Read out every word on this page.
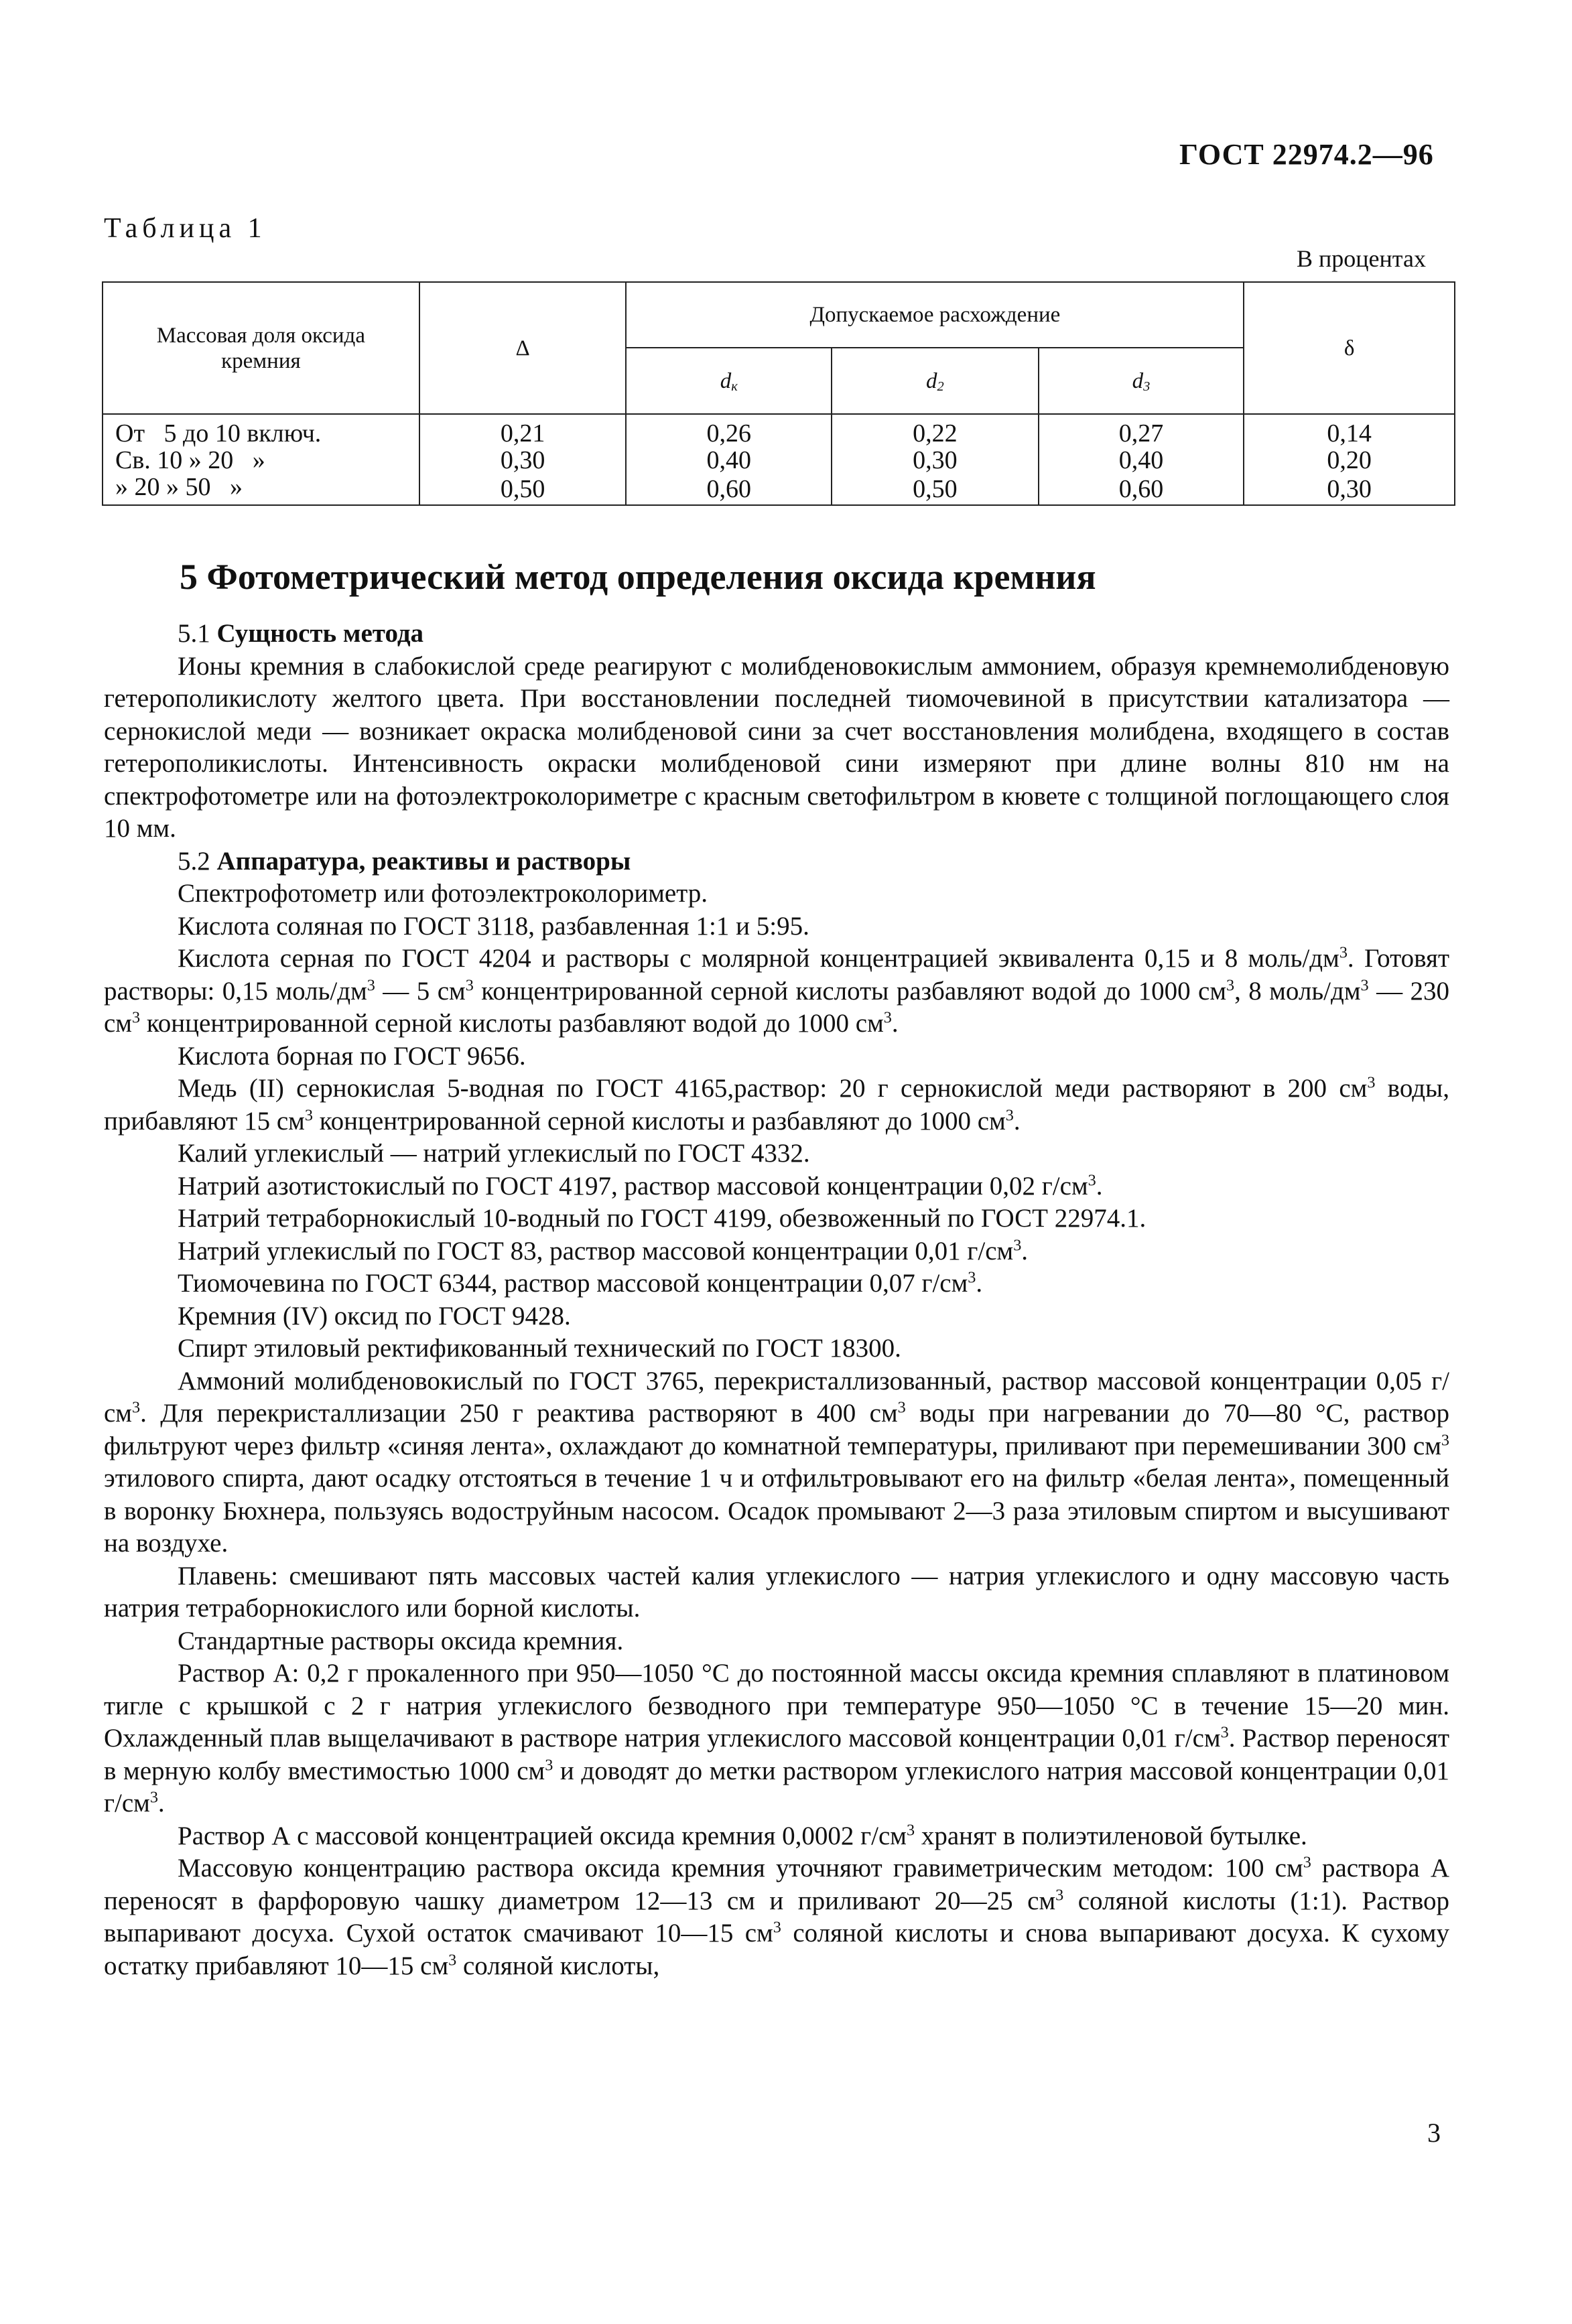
ГОСТ 22974.2—96
Таблица 1
В процентах
Массовая доля оксида кремния	Δ	Допускаемое расхождение			δ
		$d_к$	$d_2$	$d_3$
От   5 до 10 включ.	0,21	0,26	0,22	0,27	0,14
Св. 10 » 20   »	0,30	0,40	0,30	0,40	0,20
» 20 » 50   »	0,50	0,60	0,50	0,60	0,30
5 Фотометрический метод определения оксида кремния

5.1 Сущность метода

Ионы кремния в слабокислой среде реагируют с молибденовокислым аммонием, образуя кремнемолибденовую гетерополикислоту желтого цвета. При восстановлении последней тиомочевиной в присутствии катализатора — сернокислой меди — возникает окраска молибденовой сини за счет восстановления молибдена, входящего в состав гетерополикислоты. Интенсивность окраски молибденовой сини измеряют при длине волны 810 нм на спектрофотометре или на фотоэлектроколориметре с красным светофильтром в кювете с толщиной поглощающего слоя 10 мм.

5.2 Аппаратура, реактивы и растворы

Спектрофотометр или фотоэлектроколориметр.

Кислота соляная по ГОСТ 3118, разбавленная 1:1 и 5:95.

Кислота серная по ГОСТ 4204 и растворы с молярной концентрацией эквивалента 0,15 и 8 моль/$дм^3$. Готовят растворы: 0,15 моль/$дм^3$ — 5 $см^3$ концентрированной серной кислоты разбавляют водой до 1000 $см^3$, 8 моль/$дм^3$ — 230 $см^3$ концентрированной серной кислоты разбавляют водой до 1000 $см^3$.

Кислота борная по ГОСТ 9656.

Медь (II) сернокислая 5-водная по ГОСТ 4165,раствор: 20 г сернокислой меди растворяют в 200 $см^3$ воды, прибавляют 15 $см^3$ концентрированной серной кислоты и разбавляют до 1000 $см^3$.

Калий углекислый — натрий углекислый по ГОСТ 4332.

Натрий азотистокислый по ГОСТ 4197, раствор массовой концентрации 0,02 $г/см^3$.

Натрий тетраборнокислый 10-водный по ГОСТ 4199, обезвоженный по ГОСТ 22974.1.

Натрий углекислый по ГОСТ 83, раствор массовой концентрации 0,01 $г/см^3$.

Тиомочевина по ГОСТ 6344, раствор массовой концентрации 0,07 $г/см^3$.

Кремния (IV) оксид по ГОСТ 9428.

Спирт этиловый ректификованный технический по ГОСТ 18300.

Аммоний молибденовокислый по ГОСТ 3765, перекристаллизованный, раствор массовой концентрации 0,05 $г/см^3$. Для перекристаллизации 250 г реактива растворяют в 400 $см^3$ воды при нагревании до 70—80 °С, раствор фильтруют через фильтр «синяя лента», охлаждают до комнатной температуры, приливают при перемешивании 300 $см^3$ этилового спирта, дают осадку отстояться в течение 1 ч и отфильтровывают его на фильтр «белая лента», помещенный в воронку Бюхнера, пользуясь водоструйным насосом. Осадок промывают 2—3 раза этиловым спиртом и высушивают на воздухе.

Плавень: смешивают пять массовых частей калия углекислого — натрия углекислого и одну массовую часть натрия тетраборнокислого или борной кислоты.

Стандартные растворы оксида кремния.

Раствор А: 0,2 г прокаленного при 950—1050 °С до постоянной массы оксида кремния сплавляют в платиновом тигле с крышкой с 2 г натрия углекислого безводного при температуре 950—1050 °С в течение 15—20 мин. Охлажденный плав выщелачивают в растворе натрия углекислого массовой концентрации 0,01 $г/см^3$. Раствор переносят в мерную колбу вместимостью 1000 $см^3$ и доводят до метки раствором углекислого натрия массовой концентрации 0,01 $г/см^3$.

Раствор А с массовой концентрацией оксида кремния 0,0002 $г/см^3$ хранят в полиэтиленовой бутылке.

Массовую концентрацию раствора оксида кремния уточняют гравиметрическим методом: 100 $см^3$ раствора А переносят в фарфоровую чашку диаметром 12—13 см и приливают 20—25 $см^3$ соляной кислоты (1:1). Раствор выпаривают досуха. Сухой остаток смачивают 10—15 $см^3$ соляной кислоты и снова выпаривают досуха. К сухому остатку прибавляют 10—15 $см^3$ соляной кислоты,

3
